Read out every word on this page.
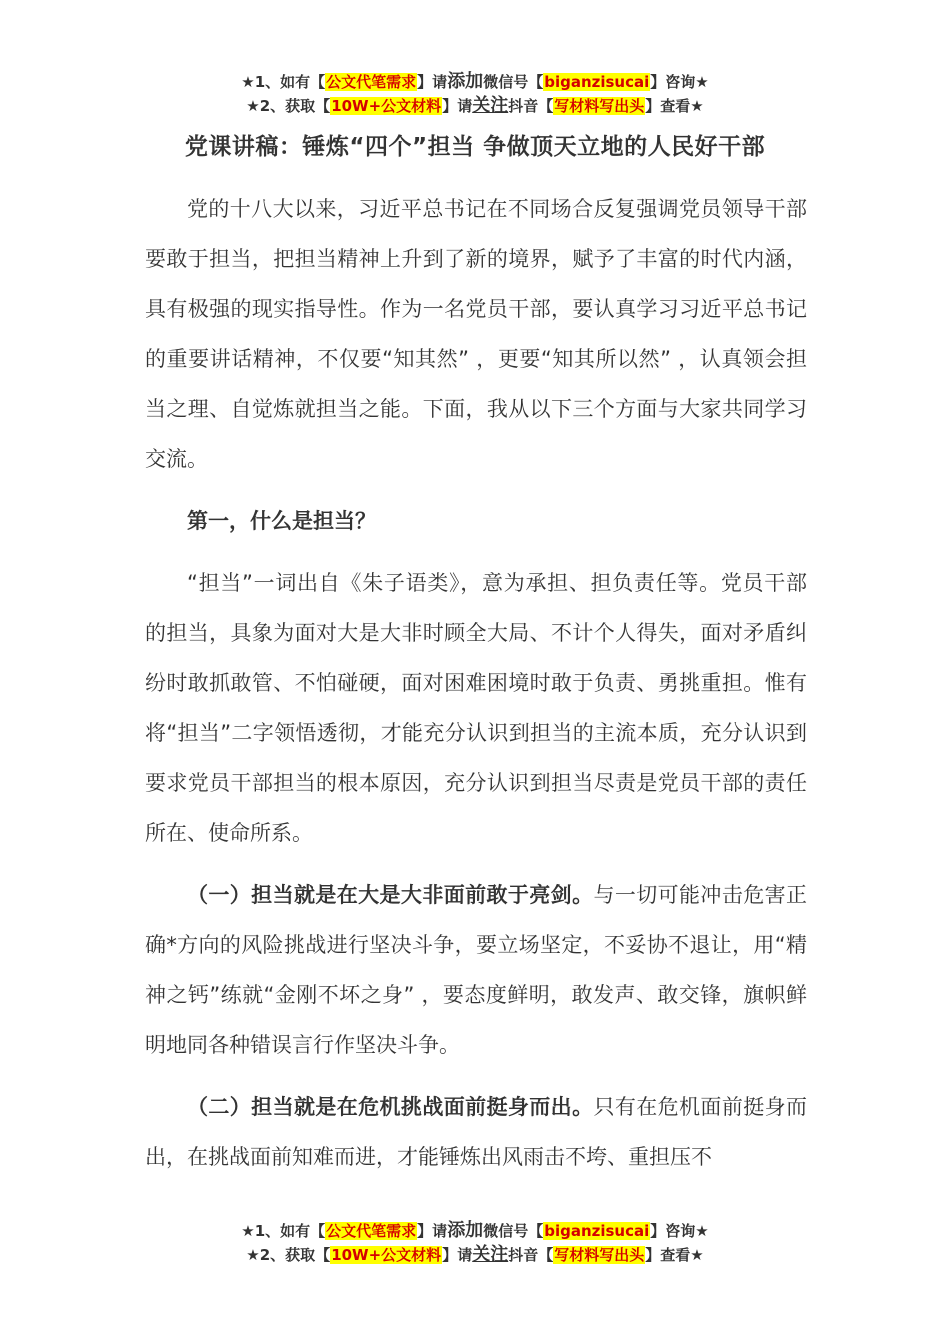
★1、如有【公文代笔需求】请添加微信号【biganzisucai】咨询★
★2、获取【10W+公文材料】请关注抖音【写材料写出头】查看★
党课讲稿：锤炼“四个”担当 争做顶天立地的人民好干部

党的十八大以来，习近平总书记在不同场合反复强调党员领导干部要敢于担当，把担当精神上升到了新的境界，赋予了丰富的时代内涵，具有极强的现实指导性。作为一名党员干部，要认真学习习近平总书记的重要讲话精神，不仅要“知其然” ，更要“知其所以然” ，认真领会担当之理、自觉炼就担当之能。下面，我从以下三个方面与大家共同学习交流。

第一，什么是担当？

“担当”一词出自《朱子语类》，意为承担、担负责任等。党员干部的担当，具象为面对大是大非时顾全大局、不计个人得失，面对矛盾纠纷时敢抓敢管、不怕碰硬，面对困难困境时敢于负责、勇挑重担。惟有将“担当”二字领悟透彻，才能充分认识到担当的主流本质，充分认识到要求党员干部担当的根本原因，充分认识到担当尽责是党员干部的责任所在、使命所系。

（一）担当就是在大是大非面前敢于亮剑。与一切可能冲击危害正确*方向的风险挑战进行坚决斗争，要立场坚定，不妥协不退让，用“精神之钙”练就“金刚不坏之身” ，要态度鲜明，敢发声、敢交锋，旗帜鲜明地同各种错误言行作坚决斗争。

（二）担当就是在危机挑战面前挺身而出。只有在危机面前挺身而出，在挑战面前知难而进，才能锤炼出风雨击不垮、重担压不

★1、如有【公文代笔需求】请添加微信号【biganzisucai】咨询★
★2、获取【10W+公文材料】请关注抖音【写材料写出头】查看★
